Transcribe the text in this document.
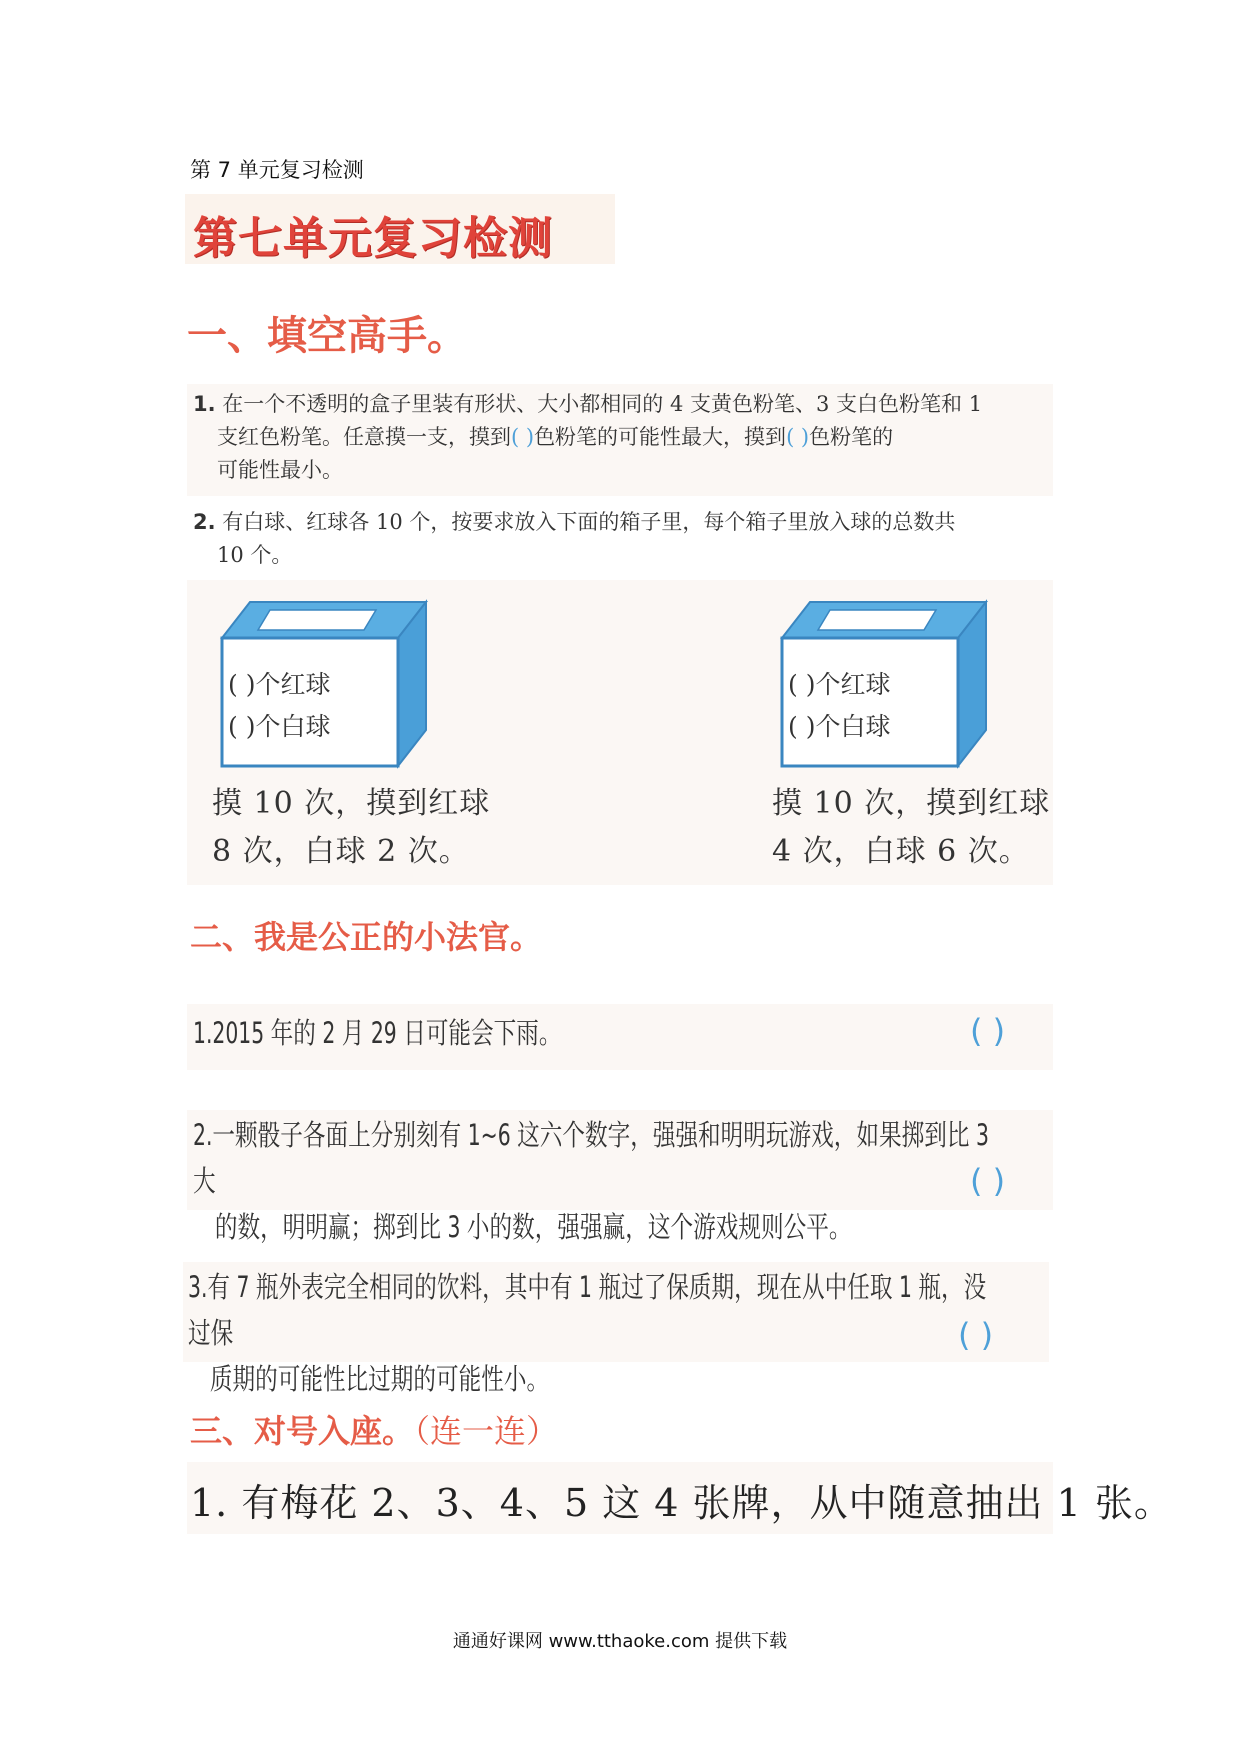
第 7 单元复习检测
第七单元复习检测
一、填空高手。
1. 在一个不透明的盒子里装有形状、大小都相同的 4 支黄色粉笔、3 支白色粉笔和 1
支红色粉笔。任意摸一支，摸到( )色粉笔的可能性最大，摸到( )色粉笔的
可能性最小。
2. 有白球、红球各 10 个，按要求放入下面的箱子里，每个箱子里放入球的总数共
10 个。
( )个红球
( )个白球
摸 10 次，摸到红球
8 次，白球 2 次。
( )个红球
( )个白球
摸 10 次，摸到红球
4 次，白球 6 次。
二、我是公正的小法官。
1.2015 年的 2 月 29 日可能会下雨。	( )
2.一颗骰子各面上分别刻有 1~6 这六个数字，强强和明明玩游戏，如果掷到比 3 大
的数，明明赢；掷到比 3 小的数，强强赢，这个游戏规则公平。
( )
3.有 7 瓶外表完全相同的饮料，其中有 1 瓶过了保质期，现在从中任取 1 瓶，没过保
质期的可能性比过期的可能性小。
( )
三、对号入座。（连一连）
1. 有梅花 2、3、4、5 这 4 张牌，从中随意抽出 1 张。
通通好课网 www.tthaoke.com 提供下载
